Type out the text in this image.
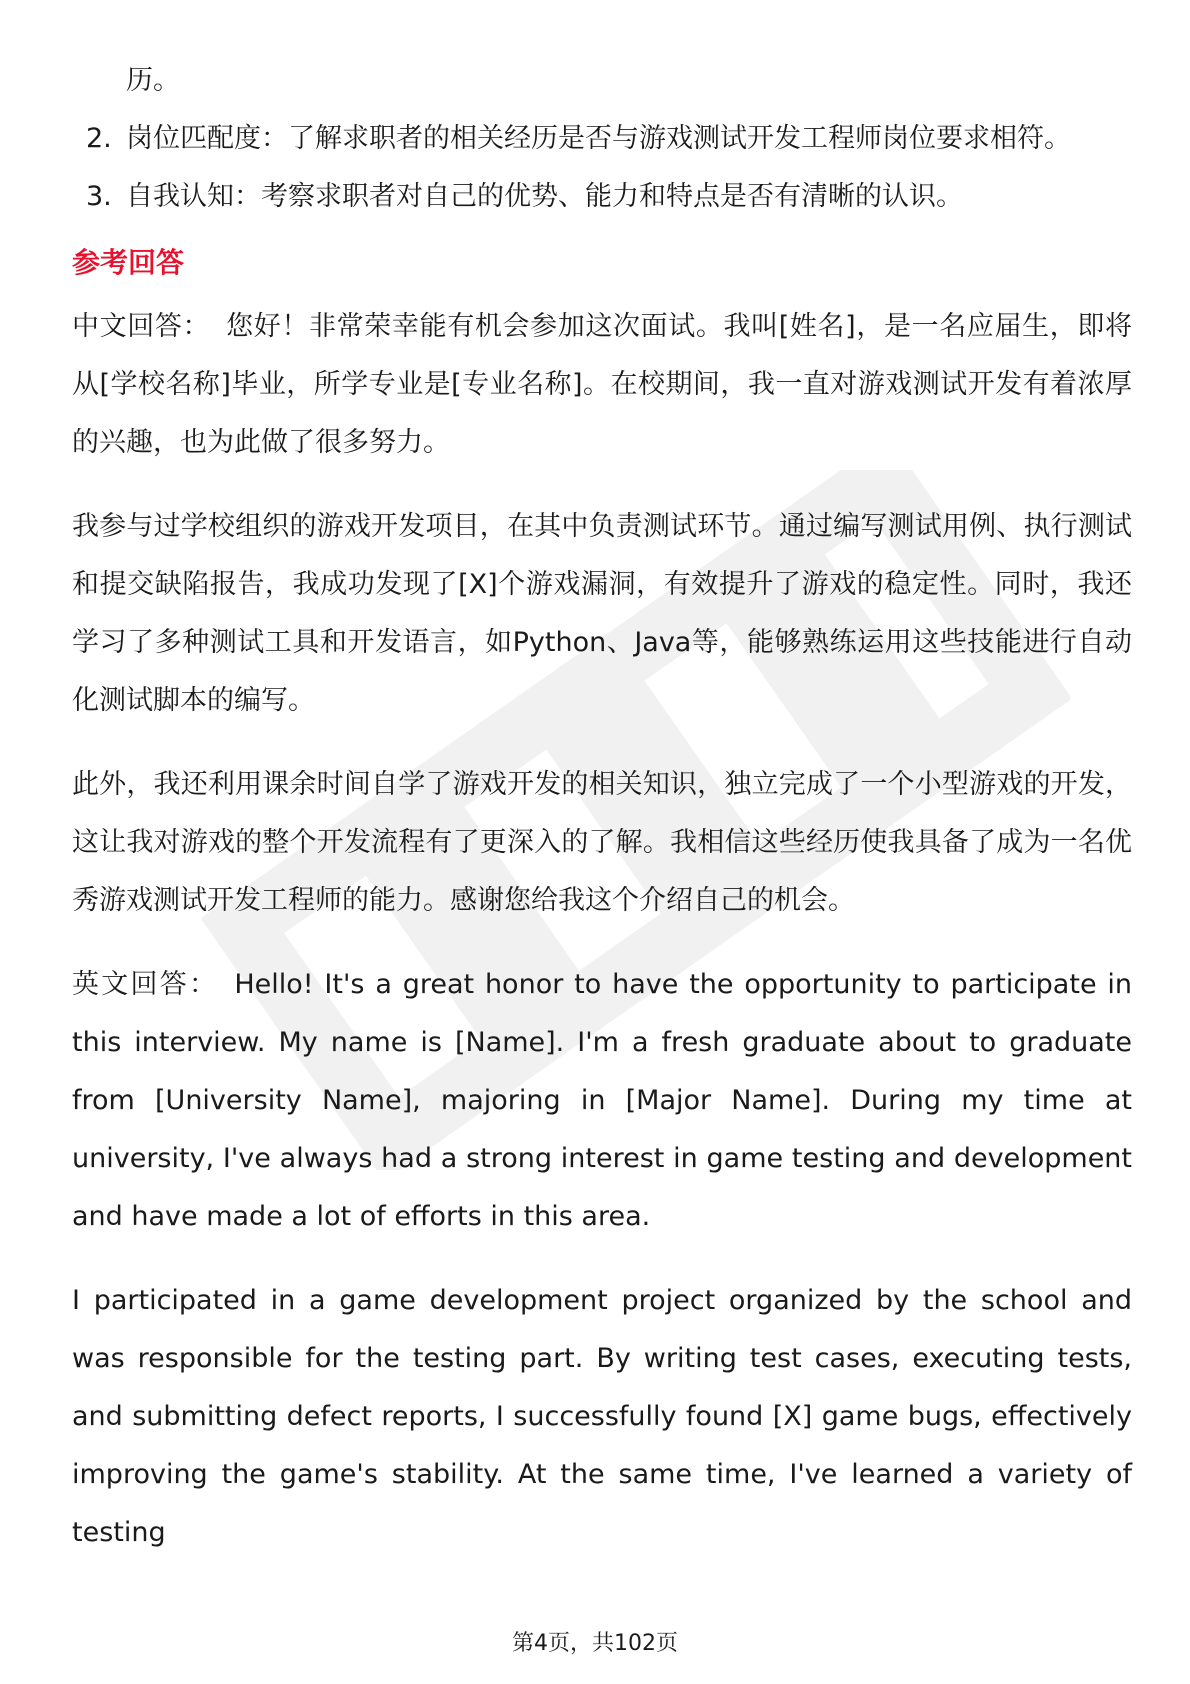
历。

2. 岗位匹配度：了解求职者的相关经历是否与游戏测试开发工程师岗位要求相符。
3. 自我认知：考察求职者对自己的优势、能力和特点是否有清晰的认识。
参考回答

中文回答： 您好！非常荣幸能有机会参加这次面试。我叫[姓名]，是一名应届生，即将从[学校名称]毕业，所学专业是[专业名称]。在校期间，我一直对游戏测试开发有着浓厚的兴趣，也为此做了很多努力。

我参与过学校组织的游戏开发项目，在其中负责测试环节。通过编写测试用例、执行测试和提交缺陷报告，我成功发现了[X]个游戏漏洞，有效提升了游戏的稳定性。同时，我还学习了多种测试工具和开发语言，如Python、Java等，能够熟练运用这些技能进行自动化测试脚本的编写。

此外，我还利用课余时间自学了游戏开发的相关知识，独立完成了一个小型游戏的开发，这让我对游戏的整个开发流程有了更深入的了解。我相信这些经历使我具备了成为一名优秀游戏测试开发工程师的能力。感谢您给我这个介绍自己的机会。

英文回答： Hello! It's a great honor to have the opportunity to participate in this interview. My name is [Name]. I'm a fresh graduate about to graduate from [University Name], majoring in [Major Name]. During my time at university, I've always had a strong interest in game testing and development and have made a lot of efforts in this area.

I participated in a game development project organized by the school and was responsible for the testing part. By writing test cases, executing tests, and submitting defect reports, I successfully found [X] game bugs, effectively improving the game's stability. At the same time, I've learned a variety of testing

第4页，共102页
